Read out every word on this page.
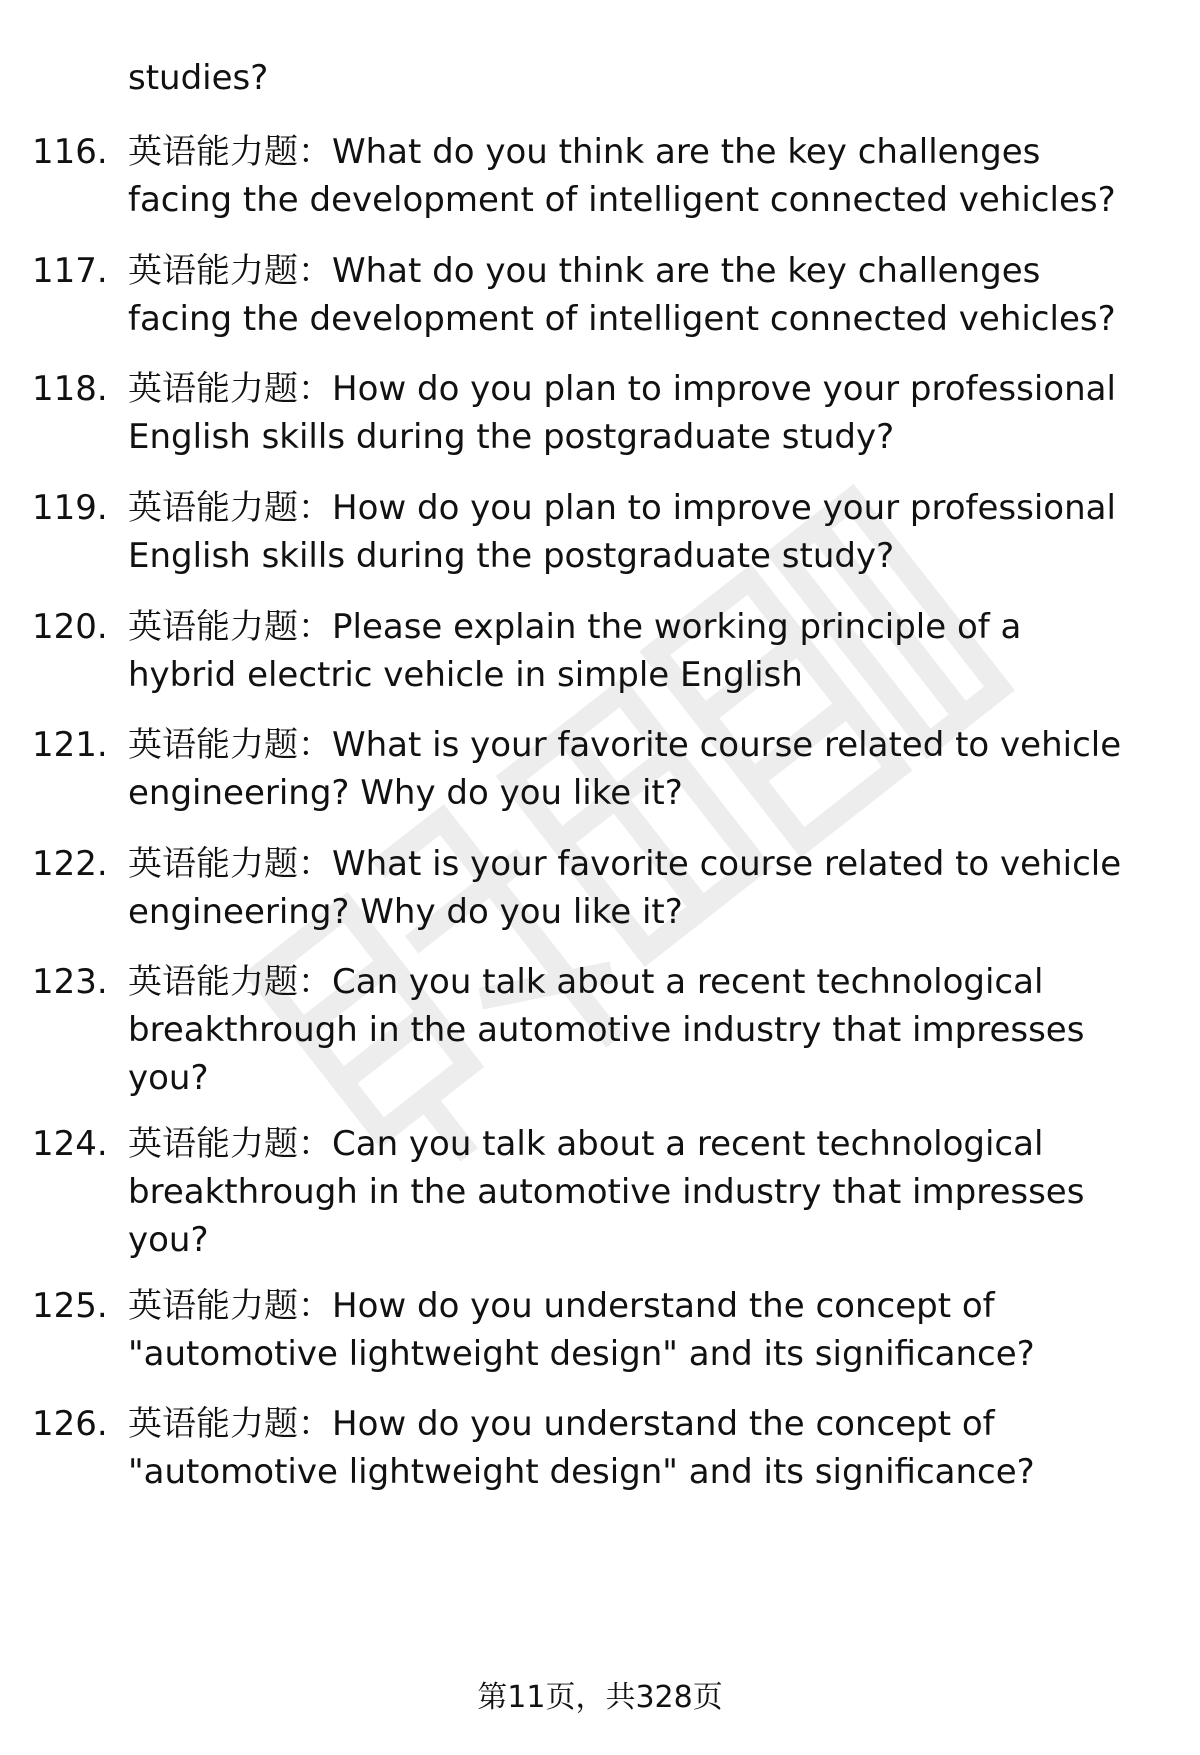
studies?
116. 英语能力题：What do you think are the key challenges
facing the development of intelligent connected vehicles?
117. 英语能力题：What do you think are the key challenges
facing the development of intelligent connected vehicles?
118. 英语能力题：How do you plan to improve your professional
English skills during the postgraduate study?
119. 英语能力题：How do you plan to improve your professional
English skills during the postgraduate study?
120. 英语能力题：Please explain the working principle of a
hybrid electric vehicle in simple English
121. 英语能力题：What is your favorite course related to vehicle
engineering? Why do you like it?
122. 英语能力题：What is your favorite course related to vehicle
engineering? Why do you like it?
123. 英语能力题：Can you talk about a recent technological
breakthrough in the automotive industry that impresses
you?
124. 英语能力题：Can you talk about a recent technological
breakthrough in the automotive industry that impresses
you?
125. 英语能力题：How do you understand the concept of
"automotive lightweight design" and its significance?
126. 英语能力题：How do you understand the concept of
"automotive lightweight design" and its significance?
第11页，共328页
